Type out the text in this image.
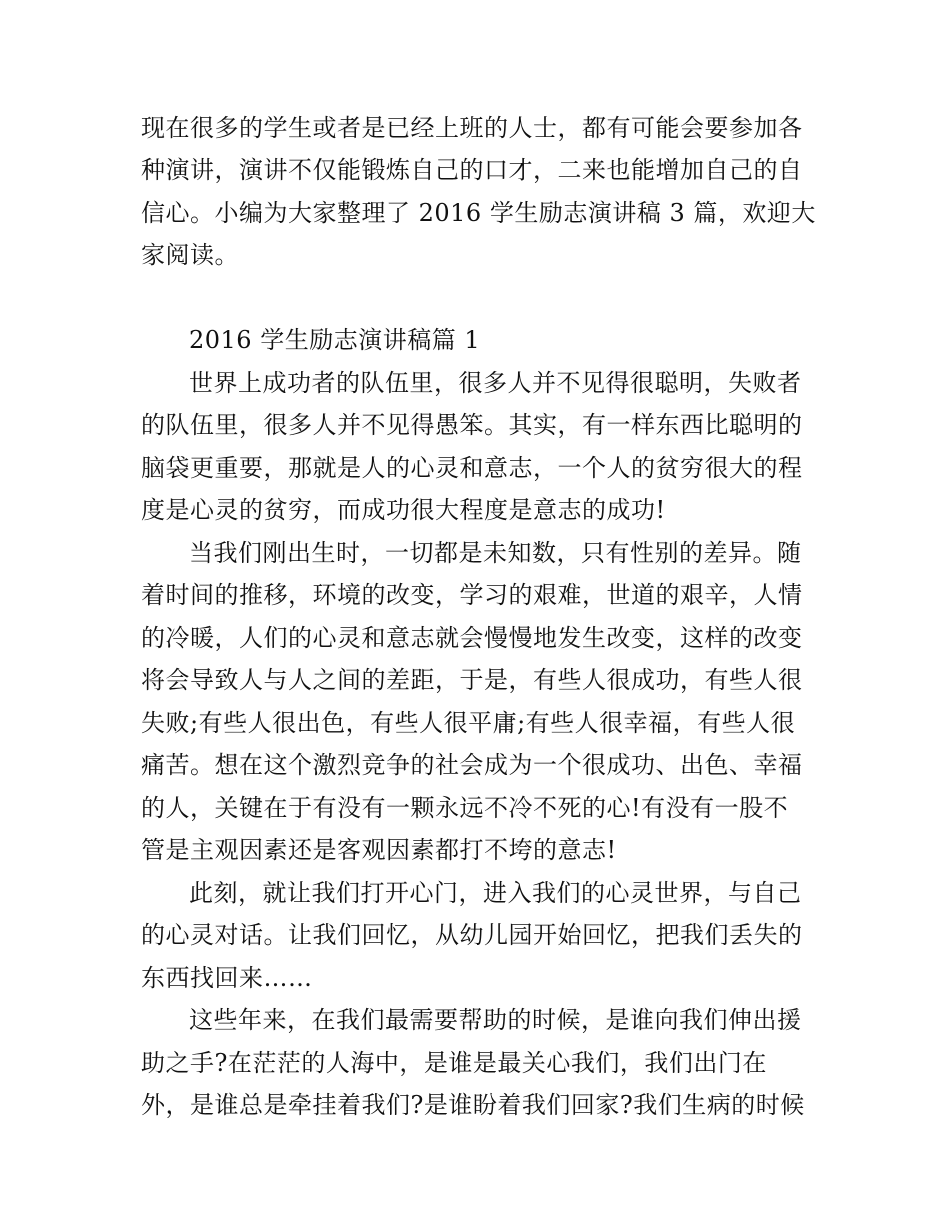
现在很多的学生或者是已经上班的人士，都有可能会要参加各
种演讲，演讲不仅能锻炼自己的口才，二来也能增加自己的自
信心。小编为大家整理了 2016 学生励志演讲稿 3 篇，欢迎大
家阅读。
2016 学生励志演讲稿篇 1
世界上成功者的队伍里，很多人并不见得很聪明，失败者
的队伍里，很多人并不见得愚笨。其实，有一样东西比聪明的
脑袋更重要，那就是人的心灵和意志，一个人的贫穷很大的程
度是心灵的贫穷，而成功很大程度是意志的成功!
当我们刚出生时，一切都是未知数，只有性别的差异。随
着时间的推移，环境的改变，学习的艰难，世道的艰辛，人情
的冷暖，人们的心灵和意志就会慢慢地发生改变，这样的改变
将会导致人与人之间的差距，于是，有些人很成功，有些人很
失败;有些人很出色，有些人很平庸;有些人很幸福，有些人很
痛苦。想在这个激烈竞争的社会成为一个很成功、出色、幸福
的人，关键在于有没有一颗永远不冷不死的心!有没有一股不
管是主观因素还是客观因素都打不垮的意志!
此刻，就让我们打开心门，进入我们的心灵世界，与自己
的心灵对话。让我们回忆，从幼儿园开始回忆，把我们丢失的
东西找回来……
这些年来，在我们最需要帮助的时候，是谁向我们伸出援
助之手?在茫茫的人海中，是谁是最关心我们，我们出门在
外，是谁总是牵挂着我们?是谁盼着我们回家?我们生病的时候
